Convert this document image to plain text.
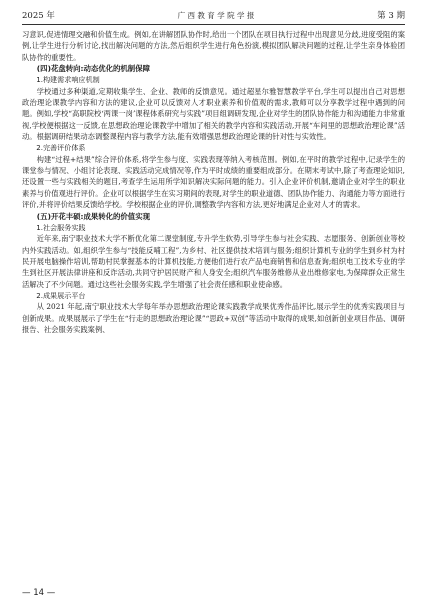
2025 年	广 西 教 育 学 院 学 报	第 3 期

习意识,促进情理交融和价值生成。例如,在讲解团队协作时,给出一个团队在项目执行过程中出现意见分歧,进度受阻的案例,让学生进行分析讨论,找出解决问题的方法,然后组织学生进行角色扮演,模拟团队解决问题的过程,让学生亲身体验团队协作的重要性。

(四)花盘转向:动态优化的机制保障

1.构建需求响应机制

学校通过多种渠道,定期收集学生、企业、教师的反馈意见。通过超星尔雅智慧教学平台,学生可以提出自己对思想政治理论课教学内容和方法的建议,企业可以反馈对人才职业素养和价值观的需求,教师可以分享教学过程中遇到的问题。例如,学校“高职院校‘两课一岗’课程体系研究与实践”项目组调研发现,企业对学生的团队协作能力和沟通能力非常重视,学校便根据这一反馈,在思想政治理论课教学中增加了相关的教学内容和实践活动,开展“车间里的思想政治理论课”活动。根据调研结果动态调整课程内容与教学方法,能有效增强思想政治理论课的针对性与实效性。

2.完善评价体系

构建“过程+结果”综合评价体系,将学生参与度、实践表现等纳入考核范围。例如,在平时的教学过程中,记录学生的课堂参与情况、小组讨论表现、实践活动完成情况等,作为平时成绩的重要组成部分。在期末考试中,除了考查理论知识,还设置一些与实践相关的题目,考查学生运用所学知识解决实际问题的能力。引入企业评价机制,邀请企业对学生的职业素养与价值观进行评价。企业可以根据学生在实习期间的表现,对学生的职业道德、团队协作能力、沟通能力等方面进行评价,并将评价结果反馈给学校。学校根据企业的评价,调整教学内容和方法,更好地满足企业对人才的需求。

(五)开花丰硕:成果转化的价值实现

1.社会服务实践

近年来,南宁职业技术大学不断优化第二课堂制度,专升学生软势,引导学生参与社会实践、志愿服务、创新创业等校内外实践活动。如,组织学生参与“技能反哺工程”,为乡村、社区提供技术培训与服务;组织计算机专业的学生到乡村为村民开展电脑操作培训,帮助村民掌握基本的计算机技能,方便他们进行农产品电商销售和信息查询;组织电工技术专业的学生到社区开展法律讲座和反诈活动,共同守护居民财产和人身安全;组织汽车服务维修从业出维修家电,为保障群众正常生活解决了不少问题。通过这些社会服务实践,学生增强了社会责任感和职业使命感。

2.成果展示平台

从 2021 年起,南宁职业技术大学每年举办思想政治理论课实践教学成果优秀作品评比,展示学生的优秀实践项目与创新成果。成果展展示了学生在“行走的思想政治理论课”“思政+双创”等活动中取得的成果,如创新创业项目作品、调研报告、社会服务实践案例、

— 14 —
